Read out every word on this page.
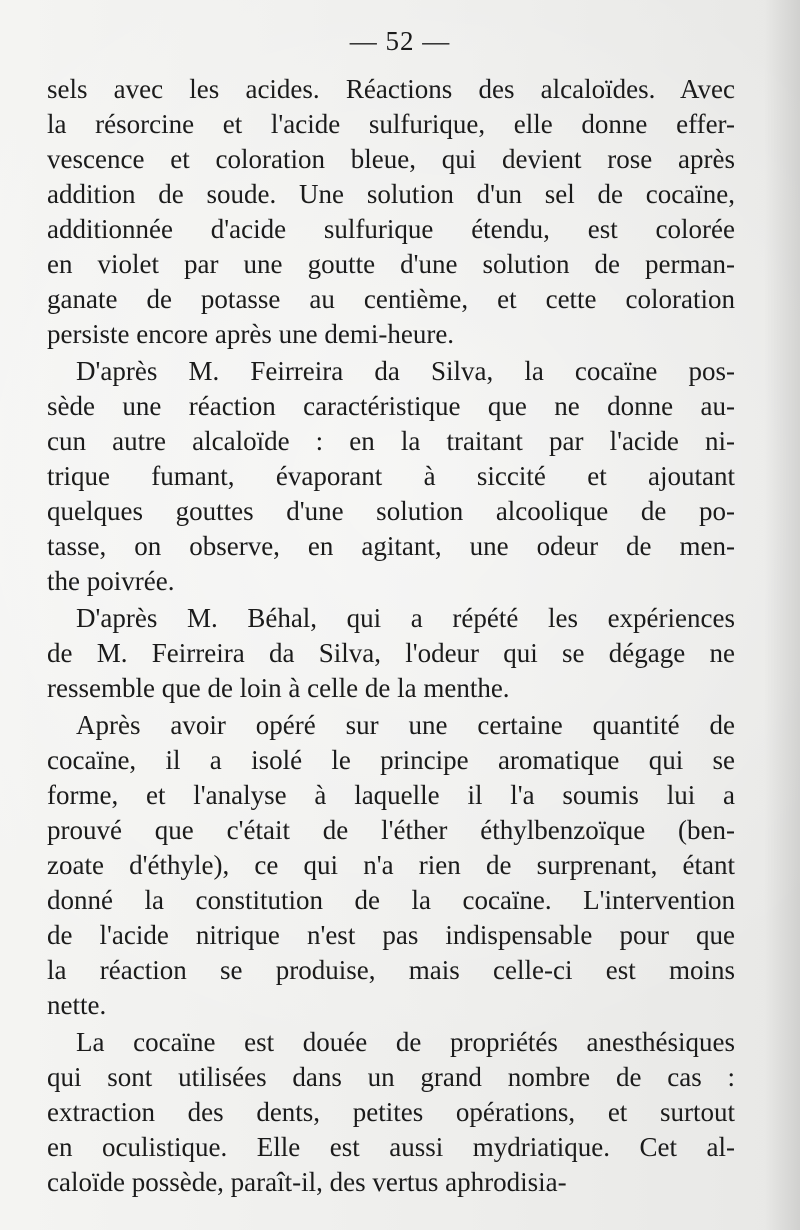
— 52 —
sels avec les acides. Réactions des alcaloïdes. Avec
la résorcine et l'acide sulfurique, elle donne effer-
vescence et coloration bleue, qui devient rose après
addition de soude. Une solution d'un sel de cocaïne,
additionnée d'acide sulfurique étendu, est colorée
en violet par une goutte d'une solution de perman-
ganate de potasse au centième, et cette coloration
persiste encore après une demi-heure.
D'après M. Feirreira da Silva, la cocaïne pos-
sède une réaction caractéristique que ne donne au-
cun autre alcaloïde : en la traitant par l'acide ni-
trique fumant, évaporant à siccité et ajoutant
quelques gouttes d'une solution alcoolique de po-
tasse, on observe, en agitant, une odeur de men-
the poivrée.
D'après M. Béhal, qui a répété les expériences
de M. Feirreira da Silva, l'odeur qui se dégage ne
ressemble que de loin à celle de la menthe.
Après avoir opéré sur une certaine quantité de
cocaïne, il a isolé le principe aromatique qui se
forme, et l'analyse à laquelle il l'a soumis lui a
prouvé que c'était de l'éther éthylbenzoïque (ben-
zoate d'éthyle), ce qui n'a rien de surprenant, étant
donné la constitution de la cocaïne. L'intervention
de l'acide nitrique n'est pas indispensable pour que
la réaction se produise, mais celle-ci est moins
nette.
La cocaïne est douée de propriétés anesthésiques
qui sont utilisées dans un grand nombre de cas :
extraction des dents, petites opérations, et surtout
en oculistique. Elle est aussi mydriatique. Cet al-
caloïde possède, paraît-il, des vertus aphrodisia-
